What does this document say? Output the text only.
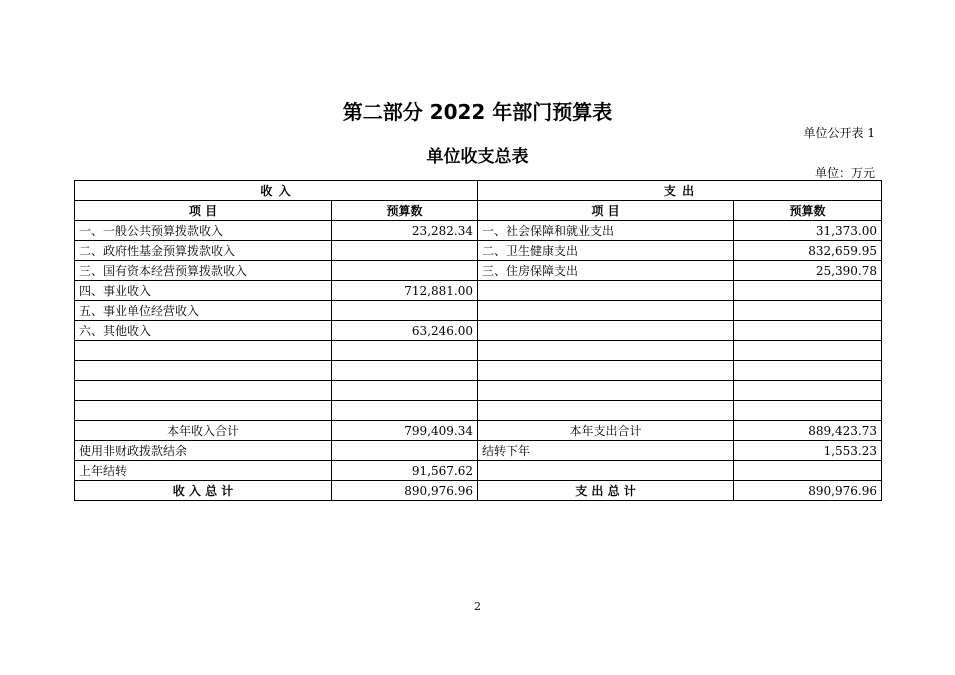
第二部分 2022 年部门预算表
单位公开表 1
单位收支总表
单位：万元
收 入		支 出	
项 目	预算数	项 目	预算数
一、一般公共预算拨款收入	23,282.34	一、社会保障和就业支出	31,373.00
二、政府性基金预算拨款收入		二、卫生健康支出	832,659.95
三、国有资本经营预算拨款收入		三、住房保障支出	25,390.78
四、事业收入	712,881.00		
五、事业单位经营收入			
六、其他收入	63,246.00		

本年收入合计	799,409.34	本年支出合计	889,423.73
使用非财政拨款结余		结转下年	1,553.23
上年结转	91,567.62		
收 入 总 计	890,976.96	支 出 总 计	890,976.96
2
